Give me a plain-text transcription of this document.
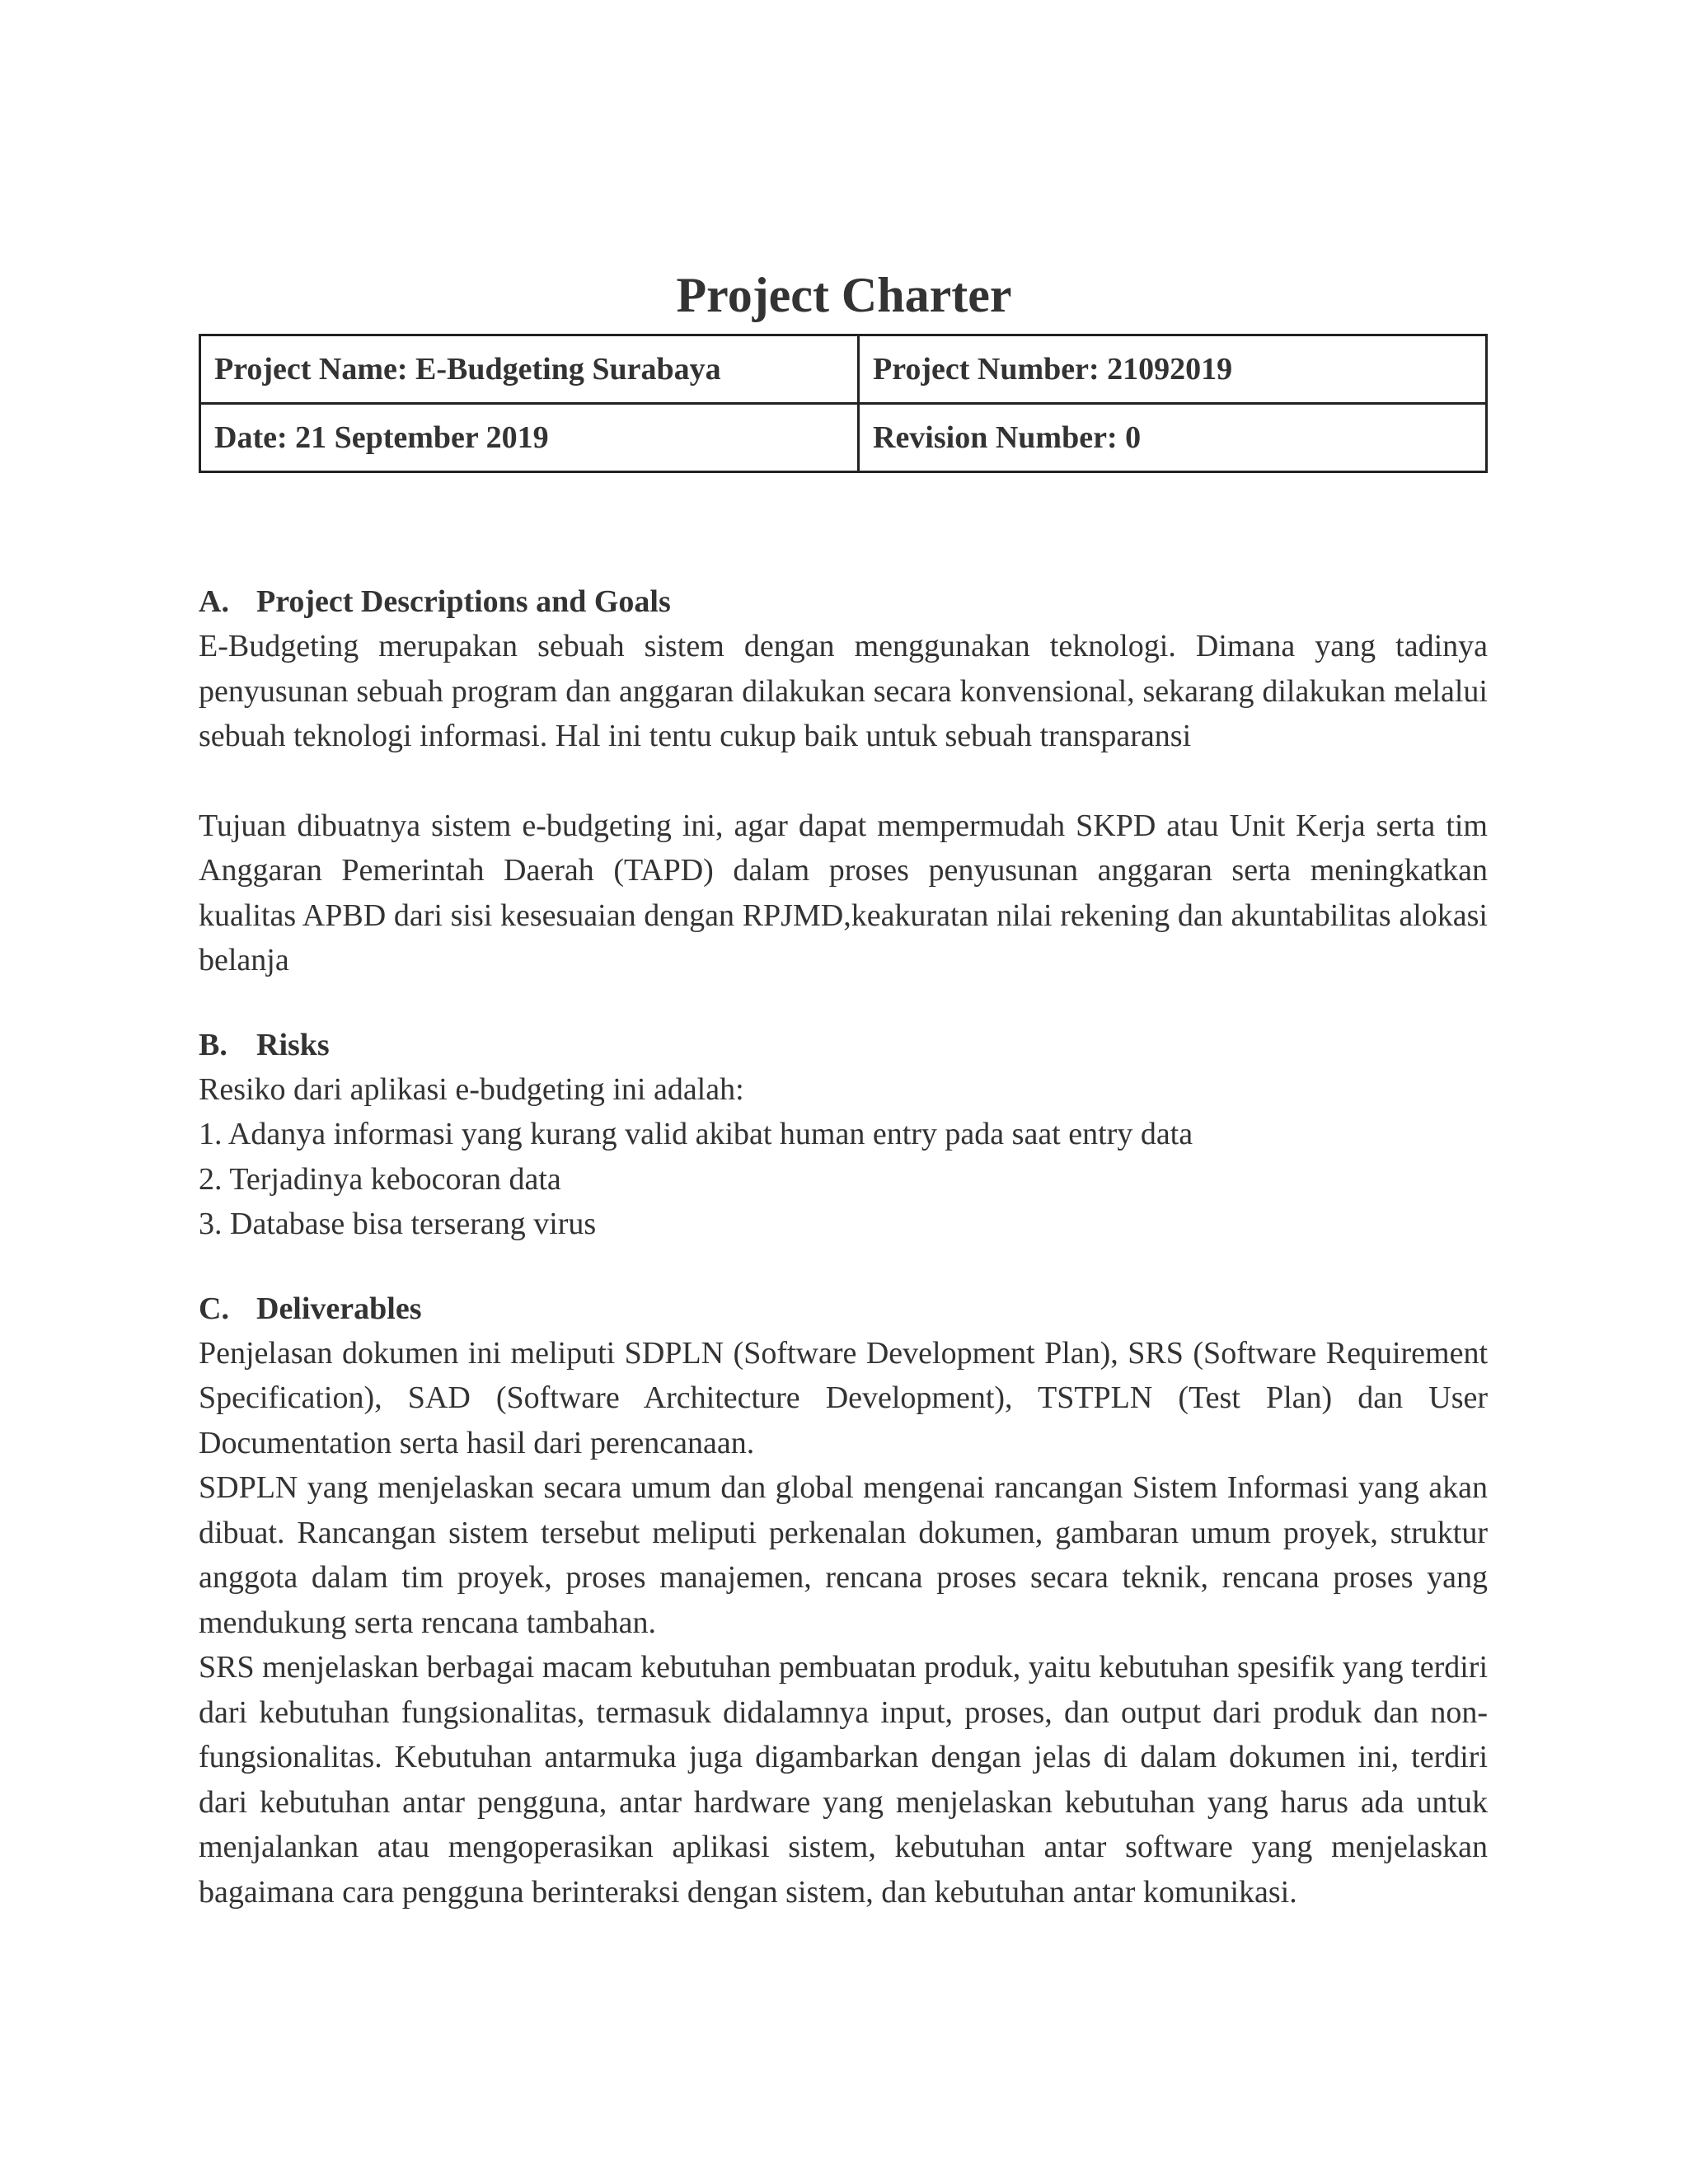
Project Charter
Project Name: E-Budgeting Surabaya	Project Number: 21092019
Date: 21 September 2019	Revision Number: 0
A. Project Descriptions and Goals

E-Budgeting merupakan sebuah sistem dengan menggunakan teknologi. Dimana yang tadinya penyusunan sebuah program dan anggaran dilakukan secara konvensional, sekarang dilakukan melalui sebuah teknologi informasi. Hal ini tentu cukup baik untuk sebuah transparansi

Tujuan dibuatnya sistem e-budgeting ini, agar dapat mempermudah SKPD atau Unit Kerja serta tim Anggaran Pemerintah Daerah (TAPD) dalam proses penyusunan anggaran serta meningkatkan kualitas APBD dari sisi kesesuaian dengan RPJMD,keakuratan nilai rekening dan akuntabilitas alokasi belanja

B. Risks

Resiko dari aplikasi e-budgeting ini adalah:

1. Adanya informasi yang kurang valid akibat human entry pada saat entry data
2. Terjadinya kebocoran data
3. Database bisa terserang virus
C. Deliverables

Penjelasan dokumen ini meliputi SDPLN (Software Development Plan), SRS (Software Requirement Specification), SAD (Software Architecture Development), TSTPLN (Test Plan) dan User Documentation serta hasil dari perencanaan.

SDPLN yang menjelaskan secara umum dan global mengenai rancangan Sistem Informasi yang akan dibuat. Rancangan sistem tersebut meliputi perkenalan dokumen, gambaran umum proyek, struktur anggota dalam tim proyek, proses manajemen, rencana proses secara teknik, rencana proses yang mendukung serta rencana tambahan.

SRS menjelaskan berbagai macam kebutuhan pembuatan produk, yaitu kebutuhan spesifik yang terdiri dari kebutuhan fungsionalitas, termasuk didalamnya input, proses, dan output dari produk dan non-fungsionalitas. Kebutuhan antarmuka juga digambarkan dengan jelas di dalam dokumen ini, terdiri dari kebutuhan antar pengguna, antar hardware yang menjelaskan kebutuhan yang harus ada untuk menjalankan atau mengoperasikan aplikasi sistem, kebutuhan antar software yang menjelaskan bagaimana cara pengguna berinteraksi dengan sistem, dan kebutuhan antar komunikasi.
